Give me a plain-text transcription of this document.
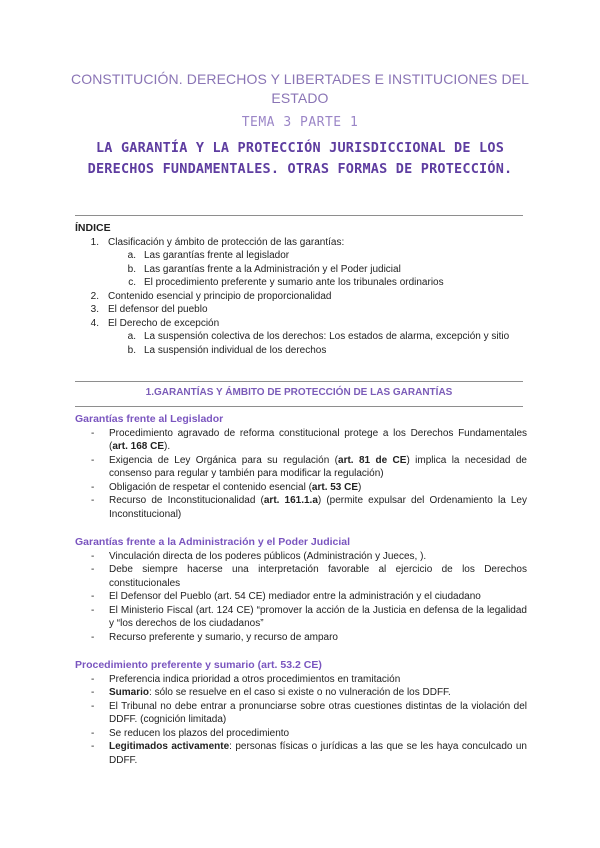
CONSTITUCIÓN. DERECHOS Y LIBERTADES E INSTITUCIONES DEL ESTADO
TEMA 3 PARTE 1
LA GARANTÍA Y LA PROTECCIÓN JURISDICCIONAL DE LOS DERECHOS FUNDAMENTALES. OTRAS FORMAS DE PROTECCIÓN.

ÍNDICE

1. Clasificación y ámbito de protección de las garantías:
a. Las garantías frente al legislador
b. Las garantías frente a la Administración y el Poder judicial
c. El procedimiento preferente y sumario ante los tribunales ordinarios
2. Contenido esencial y principio de proporcionalidad
3. El defensor del pueblo
4. El Derecho de excepción
a. La suspensión colectiva de los derechos: Los estados de alarma, excepción y sitio
b. La suspensión individual de los derechos
1.GARANTÍAS Y ÁMBITO DE PROTECCIÓN DE LAS GARANTÍAS

Garantías frente al Legislador

- Procedimiento agravado de reforma constitucional protege a los Derechos Fundamentales (art. 168 CE).
- Exigencia de Ley Orgánica para su regulación (art. 81 de CE) implica la necesidad de consenso para regular y también para modificar la regulación)
- Obligación de respetar el contenido esencial (art. 53 CE)
- Recurso de Inconstitucionalidad (art. 161.1.a) (permite expulsar del Ordenamiento la Ley Inconstitucional)

Garantías frente a la Administración y el Poder Judicial

- Vinculación directa de los poderes públicos (Administración y Jueces, ).
- Debe siempre hacerse una interpretación favorable al ejercicio de los Derechos constitucionales
- El Defensor del Pueblo (art. 54 CE) mediador entre la administración y el ciudadano
- El Ministerio Fiscal (art. 124 CE) “promover la acción de la Justicia en defensa de la legalidad y “los derechos de los ciudadanos”
- Recurso preferente y sumario, y recurso de amparo

Procedimiento preferente y sumario (art. 53.2 CE)

- Preferencia indica prioridad a otros procedimientos en tramitación
- Sumario: sólo se resuelve en el caso si existe o no vulneración de los DDFF.
- El Tribunal no debe entrar a pronunciarse sobre otras cuestiones distintas de la violación del DDFF. (cognición limitada)
- Se reducen los plazos del procedimiento
- Legitimados activamente: personas físicas o jurídicas a las que se les haya conculcado un DDFF.
